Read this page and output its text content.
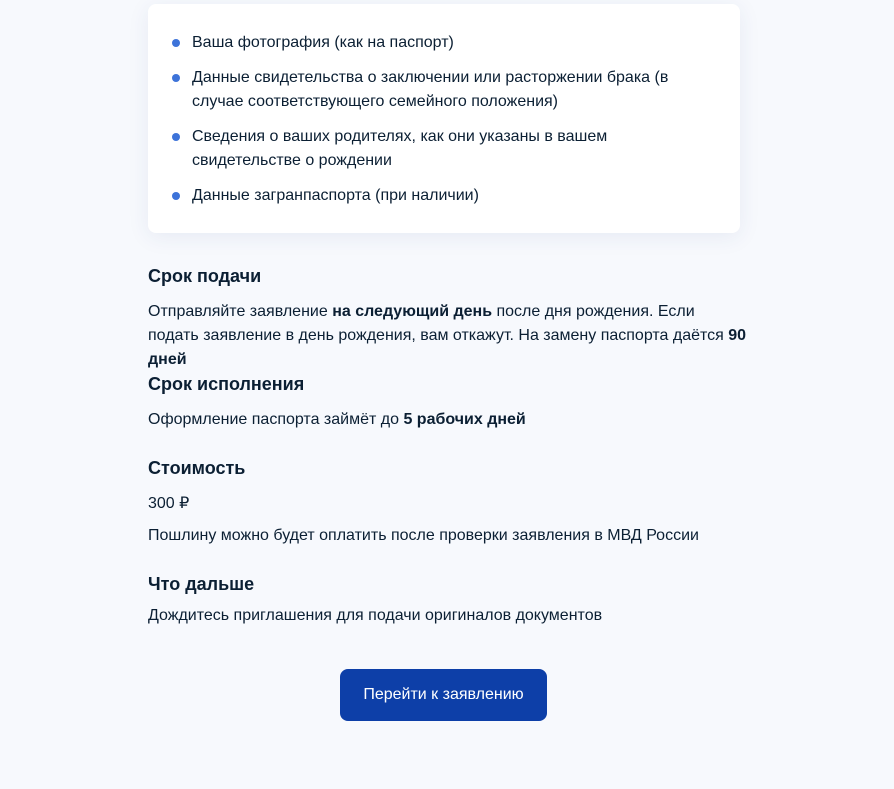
Ваша фотография (как на паспорт)
Данные свидетельства о заключении или расторжении брака (в случае соответствующего семейного положения)
Сведения о ваших родителях, как они указаны в вашем свидетельстве о рождении
Данные загранпаспорта (при наличии)
Срок подачи

Отправляйте заявление на следующий день после дня рождения. Если подать заявление в день рождения, вам откажут. На замену паспорта даётся 90 дней

Срок исполнения

Оформление паспорта займёт до 5 рабочих дней

Стоимость

300 ₽

Пошлину можно будет оплатить после проверки заявления в МВД России

Что дальше

Дождитесь приглашения для подачи оригиналов документов

Перейти к заявлению
